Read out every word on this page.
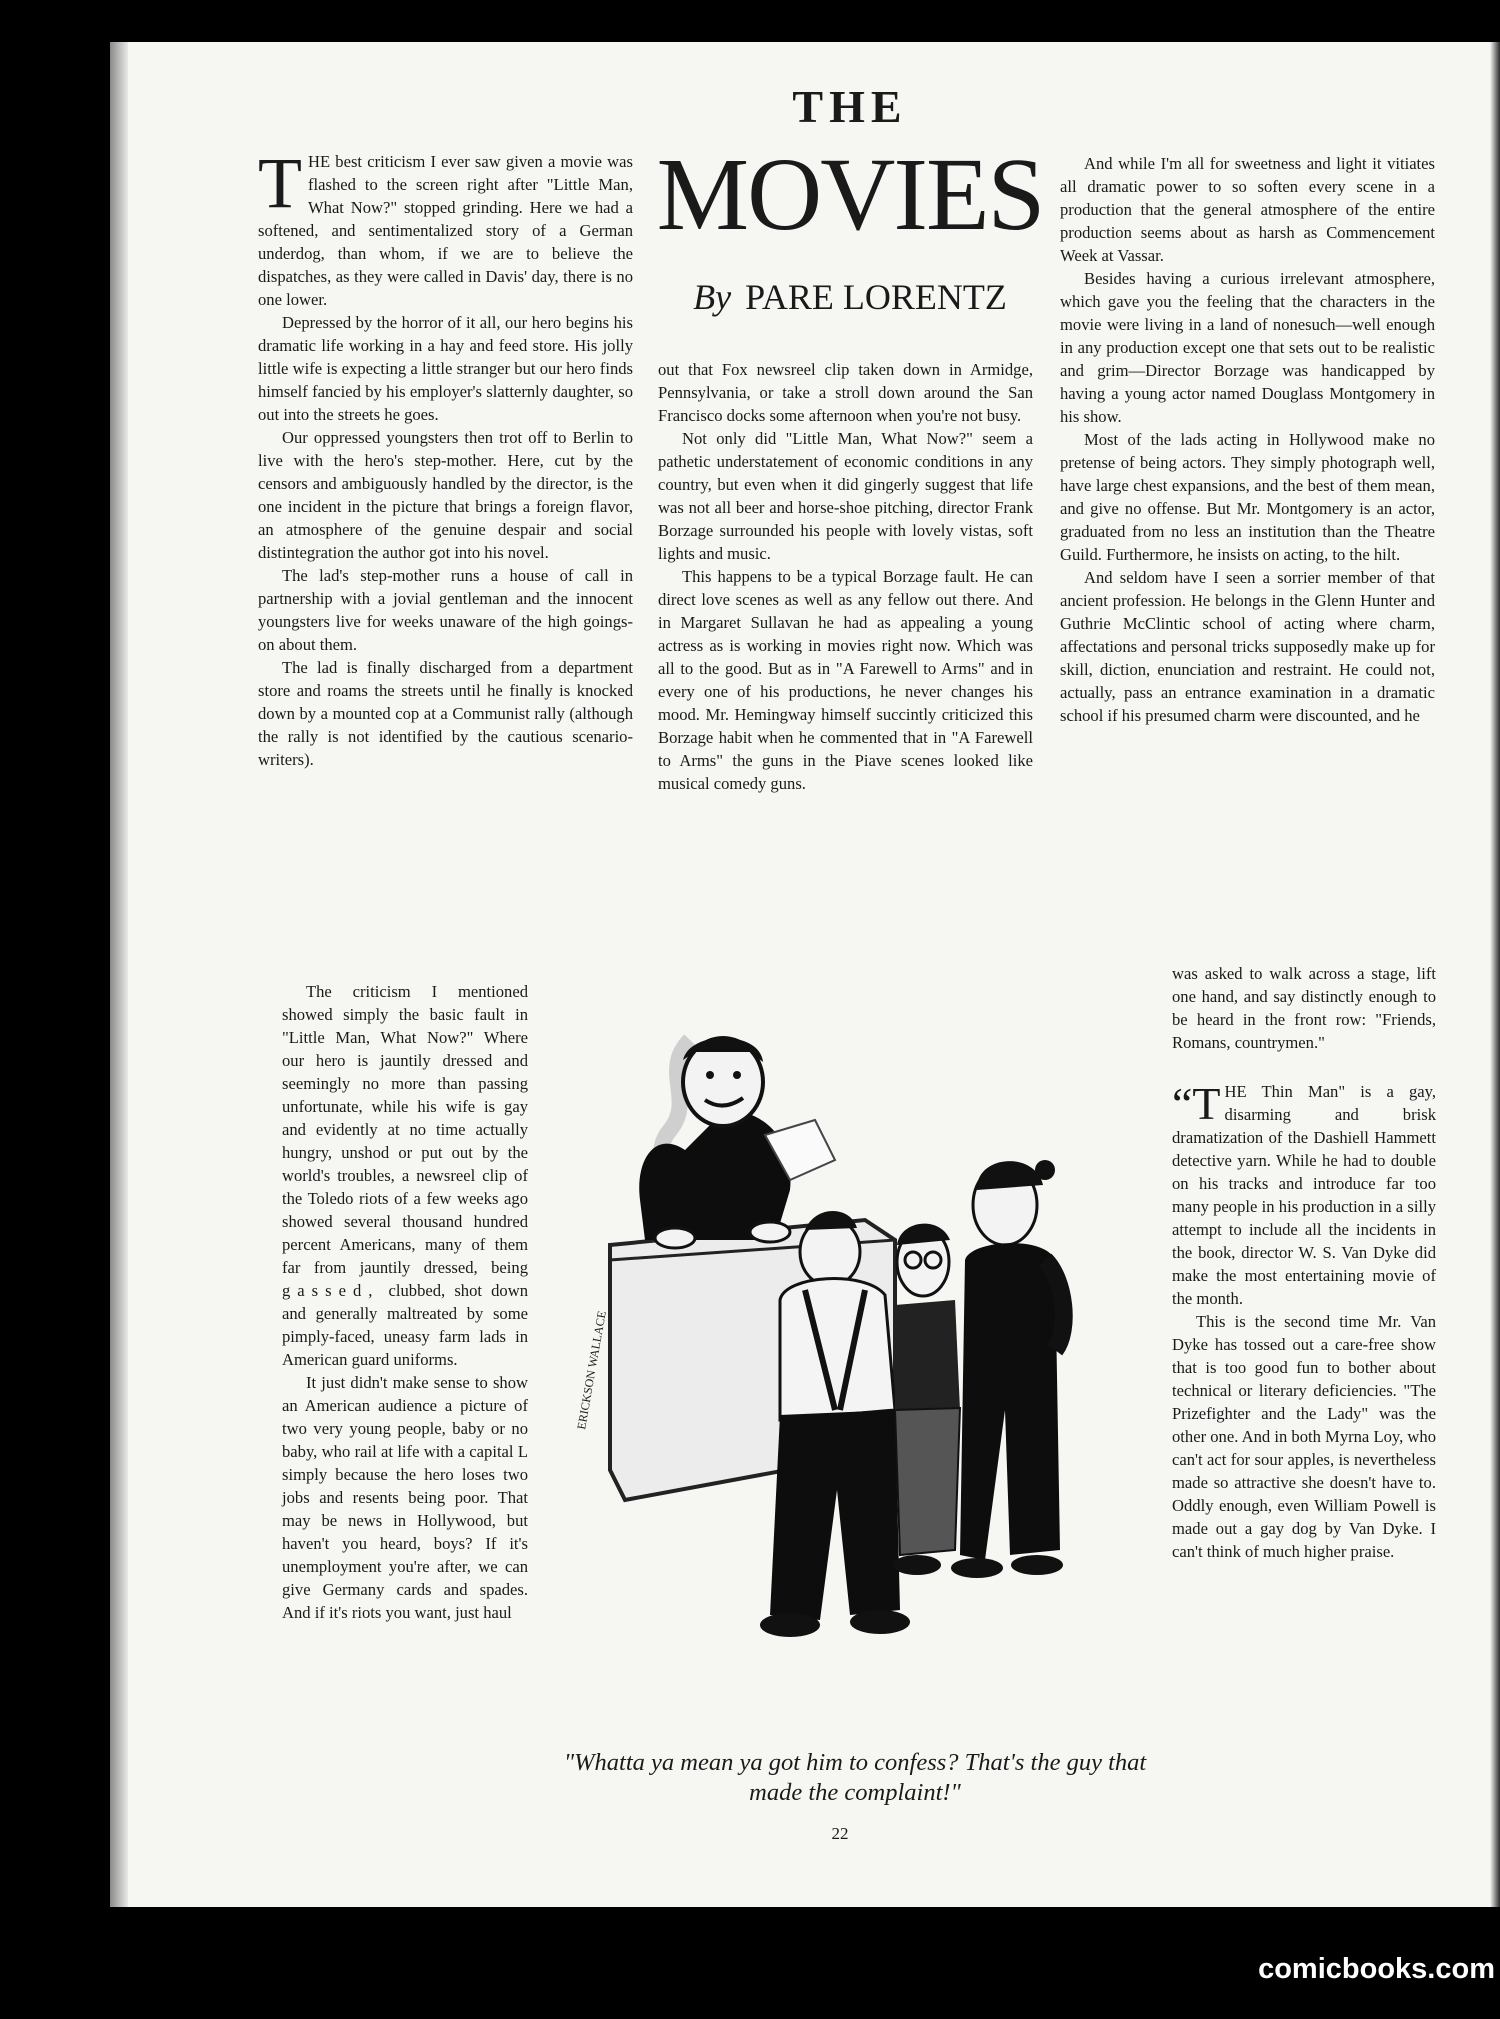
THE
MOVIES
By PARE LORENTZ

THE best criticism I ever saw given a movie was flashed to the screen right after "Little Man, What Now?" stopped grinding. Here we had a softened, and sentimentalized story of a German underdog, than whom, if we are to believe the dispatches, as they were called in Davis' day, there is no one lower.

Depressed by the horror of it all, our hero begins his dramatic life working in a hay and feed store. His jolly little wife is expecting a little stranger but our hero finds himself fancied by his employer's slatternly daughter, so out into the streets he goes.

Our oppressed youngsters then trot off to Berlin to live with the hero's step-mother. Here, cut by the censors and ambiguously handled by the director, is the one incident in the picture that brings a foreign flavor, an atmosphere of the genuine despair and social distintegration the author got into his novel.

The lad's step-mother runs a house of call in partnership with a jovial gentleman and the innocent youngsters live for weeks unaware of the high goings-on about them.

The lad is finally discharged from a department store and roams the streets until he finally is knocked down by a mounted cop at a Communist rally (although the rally is not identified by the cautious scenario-writers).

The criticism I mentioned showed simply the basic fault in "Little Man, What Now?" Where our hero is jauntily dressed and seemingly no more than passing unfortunate, while his wife is gay and evidently at no time actually hungry, unshod or put out by the world's troubles, a newsreel clip of the Toledo riots of a few weeks ago showed several thousand hundred percent Americans, many of them far from jauntily dressed, being gassed, clubbed, shot down and generally maltreated by some pimply-faced, uneasy farm lads in American guard uniforms.

It just didn't make sense to show an American audience a picture of two very young people, baby or no baby, who rail at life with a capital L simply because the hero loses two jobs and resents being poor. That may be news in Hollywood, but haven't you heard, boys? If it's unemployment you're after, we can give Germany cards and spades. And if it's riots you want, just haul

out that Fox newsreel clip taken down in Armidge, Pennsylvania, or take a stroll down around the San Francisco docks some afternoon when you're not busy.

Not only did "Little Man, What Now?" seem a pathetic understatement of economic conditions in any country, but even when it did gingerly suggest that life was not all beer and horse-shoe pitching, director Frank Borzage surrounded his people with lovely vistas, soft lights and music.

This happens to be a typical Borzage fault. He can direct love scenes as well as any fellow out there. And in Margaret Sullavan he had as appealing a young actress as is working in movies right now. Which was all to the good. But as in "A Farewell to Arms" and in every one of his productions, he never changes his mood. Mr. Hemingway himself succintly criticized this Borzage habit when he commented that in "A Farewell to Arms" the guns in the Piave scenes looked like musical comedy guns.

And while I'm all for sweetness and light it vitiates all dramatic power to so soften every scene in a production that the general atmosphere of the entire production seems about as harsh as Commencement Week at Vassar.

Besides having a curious irrelevant atmosphere, which gave you the feeling that the characters in the movie were living in a land of nonesuch—well enough in any production except one that sets out to be realistic and grim—Director Borzage was handicapped by having a young actor named Douglass Montgomery in his show.

Most of the lads acting in Hollywood make no pretense of being actors. They simply photograph well, have large chest expansions, and the best of them mean, and give no offense. But Mr. Montgomery is an actor, graduated from no less an institution than the Theatre Guild. Furthermore, he insists on acting, to the hilt.

And seldom have I seen a sorrier member of that ancient profession. He belongs in the Glenn Hunter and Guthrie McClintic school of acting where charm, affectations and personal tricks supposedly make up for skill, diction, enunciation and restraint. He could not, actually, pass an entrance examination in a dramatic school if his presumed charm were discounted, and he

was asked to walk across a stage, lift one hand, and say distinctly enough to be heard in the front row: "Friends, Romans, countrymen."

“THE Thin Man" is a gay, disarming and brisk dramatization of the Dashiell Hammett detective yarn. While he had to double on his tracks and introduce far too many people in his production in a silly attempt to include all the incidents in the book, director W. S. Van Dyke did make the most entertaining movie of the month.

This is the second time Mr. Van Dyke has tossed out a care-free show that is too good fun to bother about technical or literary deficiencies. "The Prizefighter and the Lady" was the other one. And in both Myrna Loy, who can't act for sour apples, is nevertheless made so attractive she doesn't have to. Oddly enough, even William Powell is made out a gay dog by Van Dyke. I can't think of much higher praise.

ERICKSON WALLACE
"Whatta ya mean ya got him to confess? That's the guy that made the complaint!"
22
comicbooks.com
